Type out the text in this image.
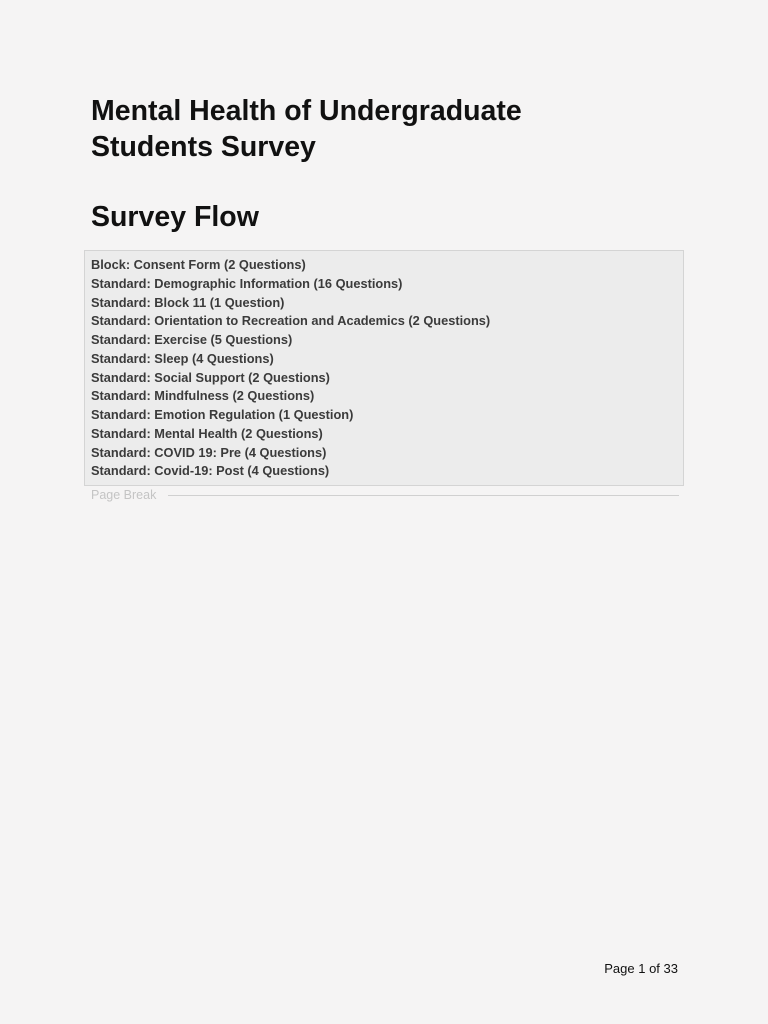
Mental Health of Undergraduate Students Survey
Survey Flow
Block: Consent Form (2 Questions)
Standard: Demographic Information (16 Questions)
Standard: Block 11 (1 Question)
Standard: Orientation to Recreation and Academics (2 Questions)
Standard: Exercise (5 Questions)
Standard: Sleep (4 Questions)
Standard: Social Support (2 Questions)
Standard: Mindfulness (2 Questions)
Standard: Emotion Regulation (1 Question)
Standard: Mental Health (2 Questions)
Standard: COVID 19: Pre (4 Questions)
Standard: Covid-19: Post (4 Questions)
Page Break
Page 1 of 33
